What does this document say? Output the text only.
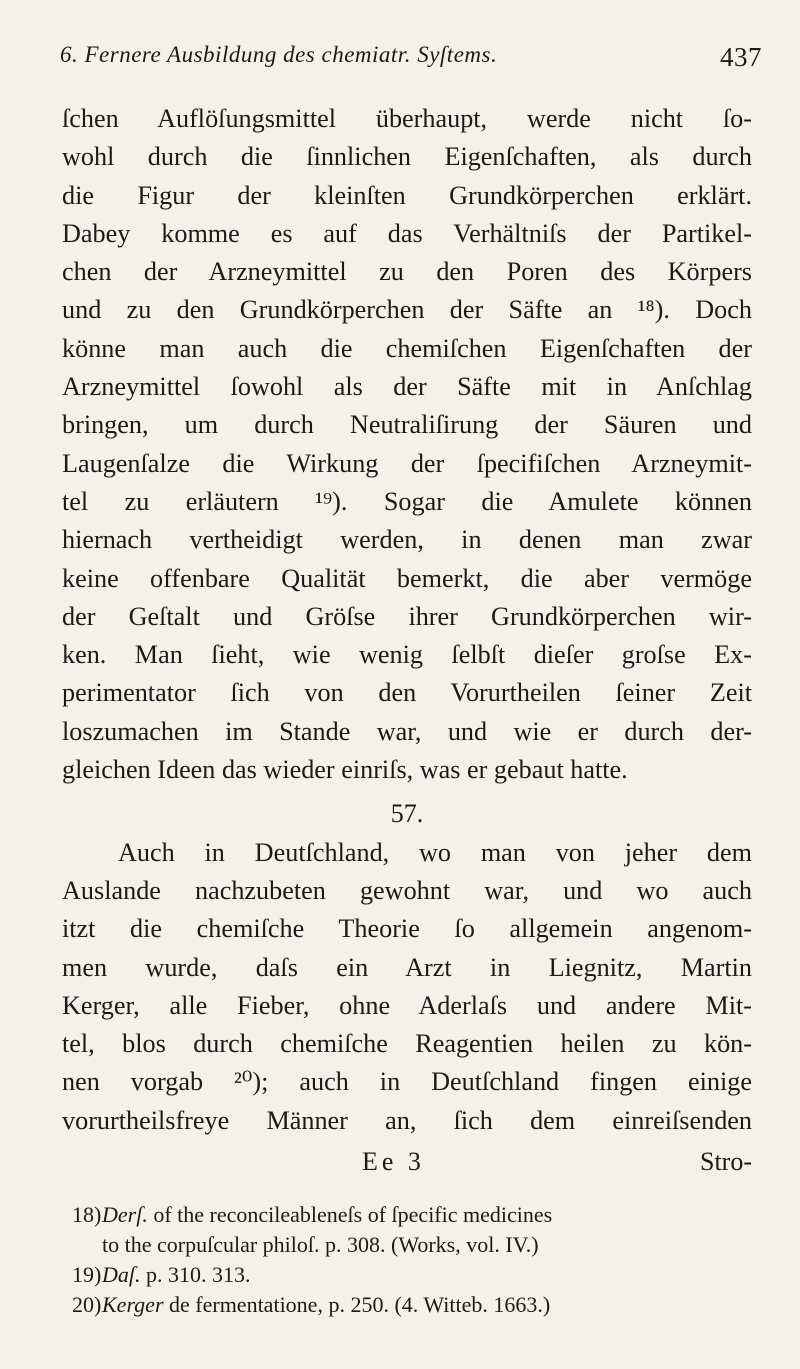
6. Fernere Ausbildung des chemiatr. Syſtems.	437
ſchen Auflöſungsmittel überhaupt, werde nicht ſo-
wohl durch die ſinnlichen Eigenſchaften, als durch
die Figur der kleinſten Grundkörperchen erklärt.
Dabey komme es auf das Verhältniſs der Partikel-
chen der Arzneymittel zu den Poren des Körpers
und zu den Grundkörperchen der Säfte an ¹⁸). Doch
könne man auch die chemiſchen Eigenſchaften der
Arzneymittel ſowohl als der Säfte mit in Anſchlag
bringen, um durch Neutraliſirung der Säuren und
Laugenſalze die Wirkung der ſpecifiſchen Arzneymit-
tel zu erläutern ¹⁹). Sogar die Amulete können
hiernach vertheidigt werden, in denen man zwar
keine offenbare Qualität bemerkt, die aber vermöge
der Geſtalt und Gröſse ihrer Grundkörperchen wir-
ken. Man ſieht, wie wenig ſelbſt dieſer groſse Ex-
perimentator ſich von den Vorurtheilen ſeiner Zeit
loszumachen im Stande war, und wie er durch der-
gleichen Ideen das wieder einriſs, was er gebaut hatte.
57.
Auch in Deutſchland, wo man von jeher dem
Auslande nachzubeten gewohnt war, und wo auch
itzt die chemiſche Theorie ſo allgemein angenom-
men wurde, daſs ein Arzt in Liegnitz, Martin
Kerger, alle Fieber, ohne Aderlaſs und andere Mit-
tel, blos durch chemiſche Reagentien heilen zu kön-
nen vorgab ²⁰); auch in Deutſchland fingen einige
vorurtheilsfreye Männer an, ſich dem einreiſsenden
Ee 3	Stro-
18)Derſ. of the reconcileableneſs of ſpecific medicines
to the corpuſcular philoſ. p. 308. (Works, vol. IV.)
19)Daſ. p. 310. 313.
20)Kerger de fermentatione, p. 250. (4. Witteb. 1663.)
